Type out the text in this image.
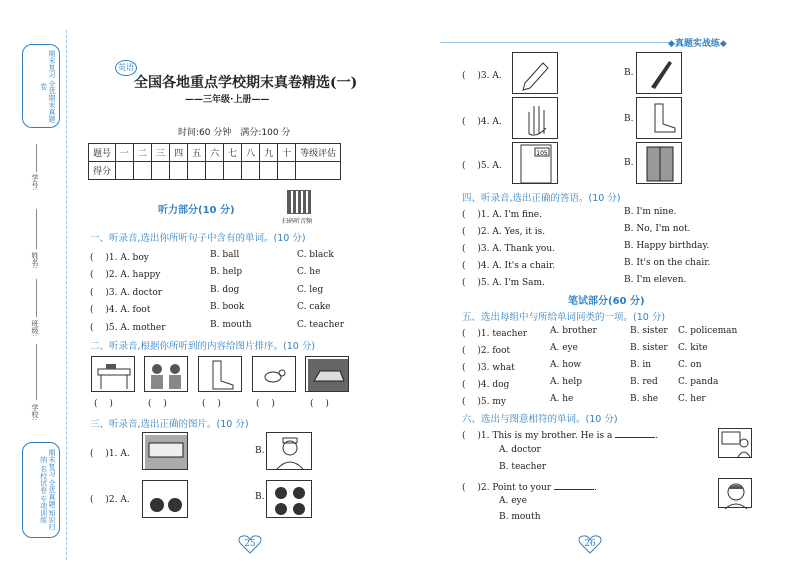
期末复习 全优期末真题卷
学号:
姓名:
班级:
学校:
期末复习 全优真题 知识归纳 名校试卷 专项训练
英语
全国各地重点学校期末真卷精选(一)
——三年级·上册——
时间:60 分钟　满分:100 分
◆真题实战练◆
题号	一	二	三	四	五	六	七	八	九	十	等级评估
得分											
听力部分(10 分)
扫码听音频
一、听录音,选出你所听句子中含有的单词。(10 分)
( 　)1. A. boy	B. ball	C. black
( 　)2. A. happy	B. help	C. he
( 　)3. A. doctor	B. dog	C. leg
( 　)4. A. foot	B. book	C. cake
( 　)5. A. mother	B. mouth	C. teacher
二、听录音,根据你所听到的内容给图片排序。(10 分)
( 　)	( 　)	( 　)	( 　)	( 　)
三、听录音,选出正确的图片。(10 分)
( 　)1. A.	B.
( 　)2. A.	B.
( 　)3. A.	B.
( 　)4. A.	B.
( 　)5. A.	B.
105
四、听录音,选出正确的答语。(10 分)
( 　)1. A. I'm fine.	B. I'm nine.
( 　)2. A. Yes, it is.	B. No, I'm not.
( 　)3. A. Thank you.	B. Happy birthday.
( 　)4. A. It's a chair.	B. It's on the chair.
( 　)5. A. I'm Sam.	B. I'm eleven.
笔试部分(60 分)
五、选出每组中与所给单词同类的一项。(10 分)
( 　)1. teacher	A. brother	B. sister C. policeman
( 　)2. foot	A. eye	B. sister C. kite
( 　)3. what	A. how	B. in	C. on
( 　)4. dog	A. help	B. red C. panda
( 　)5. my	A. he	B. she C. her
六、选出与图意相符的单词。(10 分)
( 　)1. This is my brother. He is a	.
A. doctor
B. teacher
( 　)2. Point to your	.
A. eye
B. mouth
25	26
